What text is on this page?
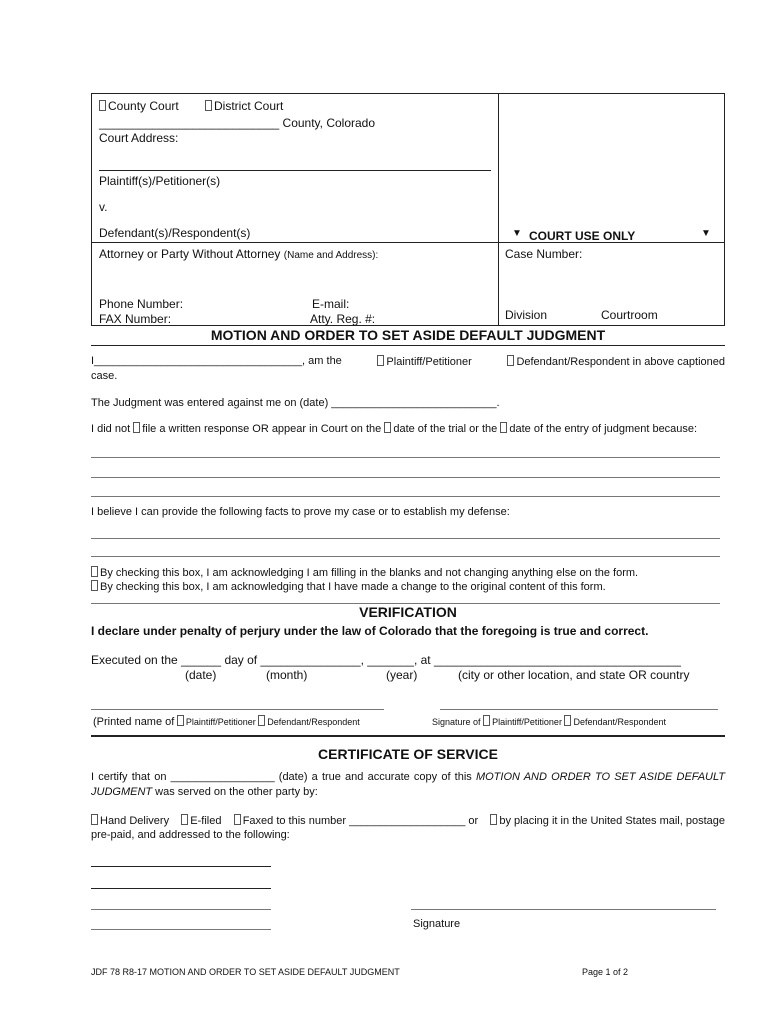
County Court	District Court
___________________________ County, Colorado
Court Address:
Plaintiff(s)/Petitioner(s)
v.
Defendant(s)/Respondent(s)
Attorney or Party Without Attorney (Name and Address):
Phone Number:	E-mail:
FAX Number:	Atty. Reg. #:
▼ COURT USE ONLY	▼
Case Number:
Division	Courtroom
MOTION AND ORDER TO SET ASIDE DEFAULT JUDGMENT
I__________________________________, am the	Plaintiff/Petitioner	Defendant/Respondent in above captioned
case.
The Judgment was entered against me on (date) ___________________________.
I did not file a written response OR appear in Court on the date of the trial or the date of the entry of judgment because:
I believe I can provide the following facts to prove my case or to establish my defense:
By checking this box, I am acknowledging I am filling in the blanks and not changing anything else on the form.
By checking this box, I am acknowledging that I have made a change to the original content of this form.
VERIFICATION
I declare under penalty of perjury under the law of Colorado that the foregoing is true and correct.
Executed on the ______ day of _______________, _______, at _____________________________________
(date)	(month)	(year)	(city or other location, and state OR country
(Printed name of Plaintiff/Petitioner Defendant/Respondent	Signature of Plaintiff/Petitioner Defendant/Respondent
CERTIFICATE OF SERVICE
I certify that on _________________ (date) a true and accurate copy of this MOTION AND ORDER TO SET ASIDE DEFAULT JUDGMENT was served on the other party by:
Hand Delivery	E-filed	Faxed to this number ___________________ or	by placing it in the United States mail, postage
pre-paid, and addressed to the following:
Signature
JDF 78 R8-17 MOTION AND ORDER TO SET ASIDE DEFAULT JUDGMENT	Page 1 of 2
